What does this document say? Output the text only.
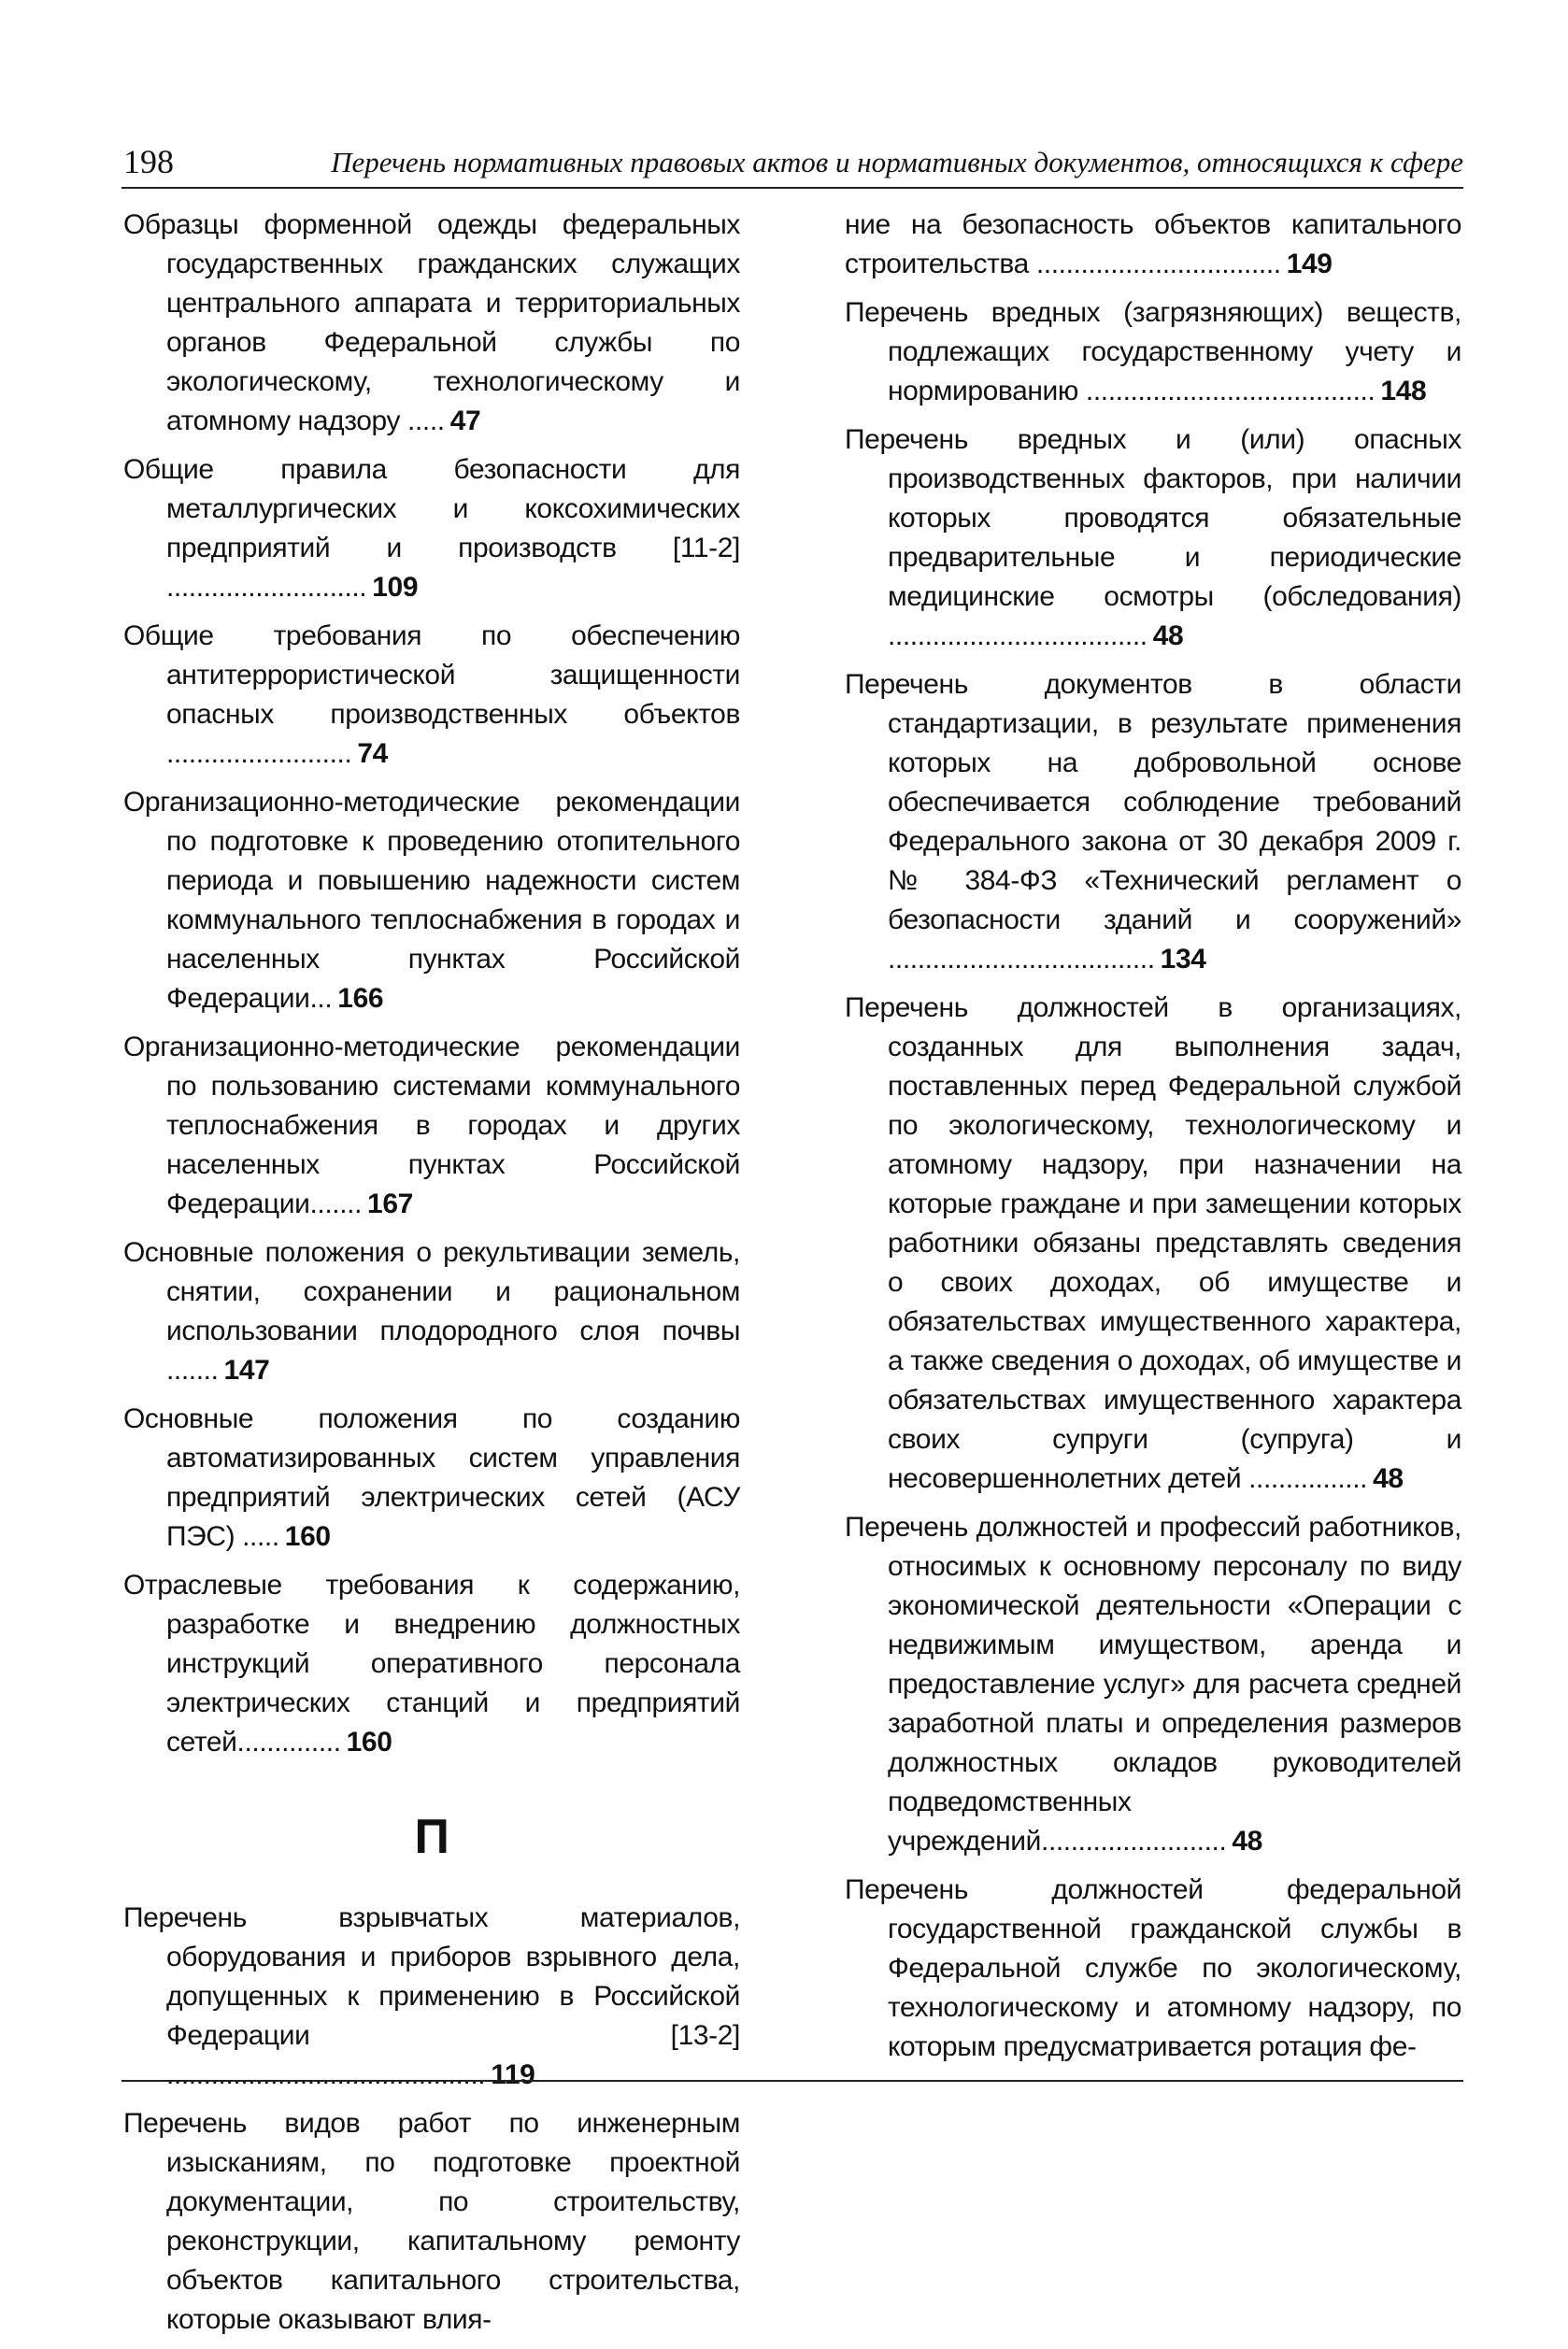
198	Перечень нормативных правовых актов и нормативных документов, относящихся к сфере

Образцы форменной одежды федеральных государственных гражданских служащих центрального аппарата и территориальных органов Федеральной службы по экологическому, технологическому и атомному надзору ..... 47

Общие правила безопасности для металлургических и коксохимических предприятий и производств [11-2] ........................... 109

Общие требования по обеспечению антитеррористической защищенности опасных производственных объектов ......................... 74

Организационно-методические рекомендации по подготовке к проведению отопительного периода и повышению надежности систем коммунального теплоснабжения в городах и населенных пунктах Российской Федерации... 166

Организационно-методические рекомендации по пользованию системами коммунального теплоснабжения в городах и других населенных пунктах Российской Федерации....... 167

Основные положения о рекультивации земель, снятии, сохранении и рациональном использовании плодородного слоя почвы ....... 147

Основные положения по созданию автоматизированных систем управления предприятий электрических сетей (АСУ ПЭС) ..... 160

Отраслевые требования к содержанию, разработке и внедрению должностных инструкций оперативного персонала электрических станций и предприятий сетей.............. 160

П

Перечень взрывчатых материалов, оборудования и приборов взрывного дела, допущенных к применению в Российской Федерации [13-2] ........................................... 119

Перечень видов работ по инженерным изысканиям, по подготовке проектной документации, по строительству, реконструкции, капитальному ремонту объектов капитального строительства, которые оказывают влия-

ние на безопасность объектов капитального строительства ................................. 149

Перечень вредных (загрязняющих) веществ, подлежащих государственному учету и нормированию ....................................... 148

Перечень вредных и (или) опасных производственных факторов, при наличии которых проводятся обязательные предварительные и периодические медицинские осмотры (обследования) ................................... 48

Перечень документов в области стандартизации, в результате применения которых на добровольной основе обеспечивается соблюдение требований Федерального закона от 30 декабря 2009 г. № 384-ФЗ «Технический регламент о безопасности зданий и сооружений» .................................... 134

Перечень должностей в организациях, созданных для выполнения задач, поставленных перед Федеральной службой по экологическому, технологическому и атомному надзору, при назначении на которые граждане и при замещении которых работники обязаны представлять сведения о своих доходах, об имуществе и обязательствах имущественного характера, а также сведения о доходах, об имуществе и обязательствах имущественного характера своих супруги (супруга) и несовершеннолетних детей ................ 48

Перечень должностей и профессий работников, относимых к основному персоналу по виду экономической деятельности «Операции с недвижимым имуществом, аренда и предоставление услуг» для расчета средней заработной платы и определения размеров должностных окладов руководителей подведомственных учреждений......................... 48

Перечень должностей федеральной государственной гражданской службы в Федеральной службе по экологическому, технологическому и атомному надзору, по которым предусматривается ротация фе-
